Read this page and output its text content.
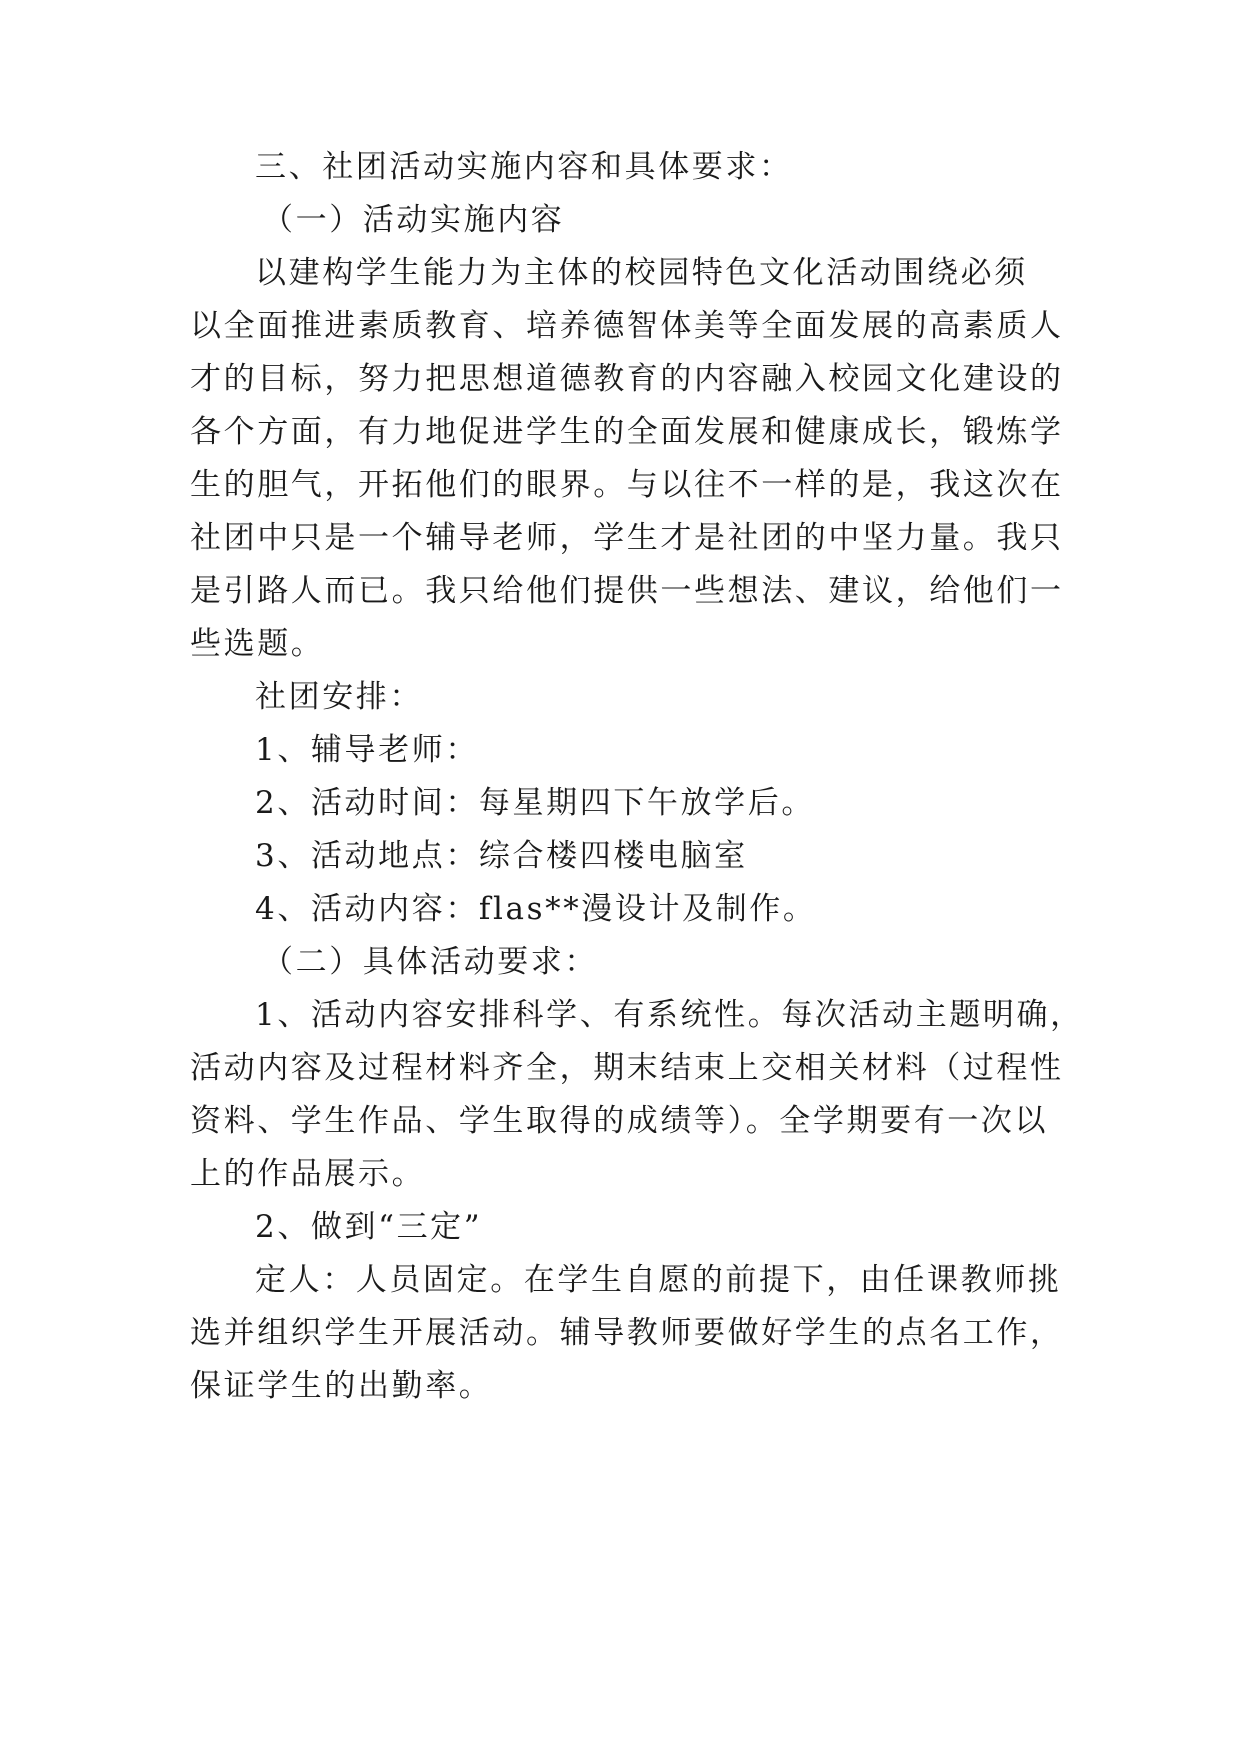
三、社团活动实施内容和具体要求：
（一）活动实施内容
以建构学生能力为主体的校园特色文化活动围绕必须
以全面推进素质教育、培养德智体美等全面发展的高素质人
才的目标，努力把思想道德教育的内容融入校园文化建设的
各个方面，有力地促进学生的全面发展和健康成长，锻炼学
生的胆气，开拓他们的眼界。与以往不一样的是，我这次在
社团中只是一个辅导老师，学生才是社团的中坚力量。我只
是引路人而已。我只给他们提供一些想法、建议，给他们一
些选题。
社团安排：
1、辅导老师：
2、活动时间：每星期四下午放学后。
3、活动地点：综合楼四楼电脑室
4、活动内容：flas**漫设计及制作。
（二）具体活动要求：
1、活动内容安排科学、有系统性。每次活动主题明确，
活动内容及过程材料齐全，期末结束上交相关材料（过程性
资料、学生作品、学生取得的成绩等）。全学期要有一次以
上的作品展示。
2、做到“三定”
定人：人员固定。在学生自愿的前提下，由任课教师挑
选并组织学生开展活动。辅导教师要做好学生的点名工作，
保证学生的出勤率。
